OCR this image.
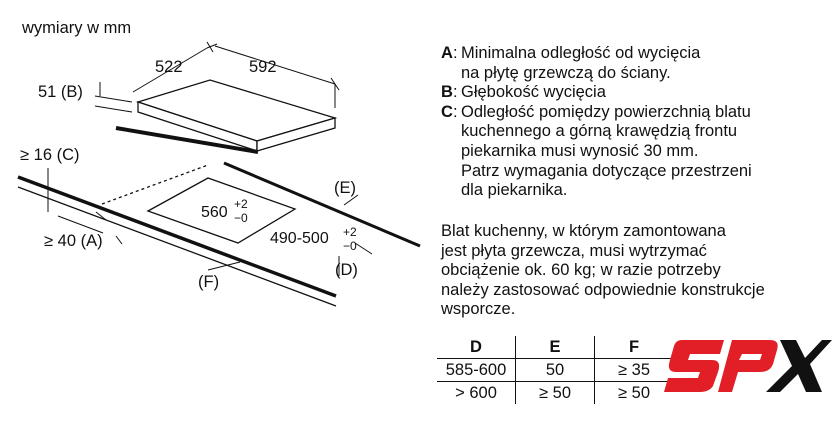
wymiary w mm
522	592
51 (B)
560 +2
−0
490-500 +2
−0
≥ 16 (C)
≥ 40 (A)
(E)
(D)
(F)
A : Minimalna odległość od wycięcia
na płytę grzewczą do ściany.
B : Głębokość wycięcia
C : Odległość pomiędzy powierzchnią blatu
kuchennego a górną krawędzią frontu
piekarnika musi wynosić 30 mm.
Patrz wymagania dotyczące przestrzeni
dla piekarnika.
Blat kuchenny, w którym zamontowana
jest płyta grzewcza, musi wytrzymać
obciążenie ok. 60 kg; w razie potrzeby
należy zastosować odpowiednie konstrukcje
wsporcze.
D	E	F
585-600	50	≥ 35
> 600	≥ 50	≥ 50
